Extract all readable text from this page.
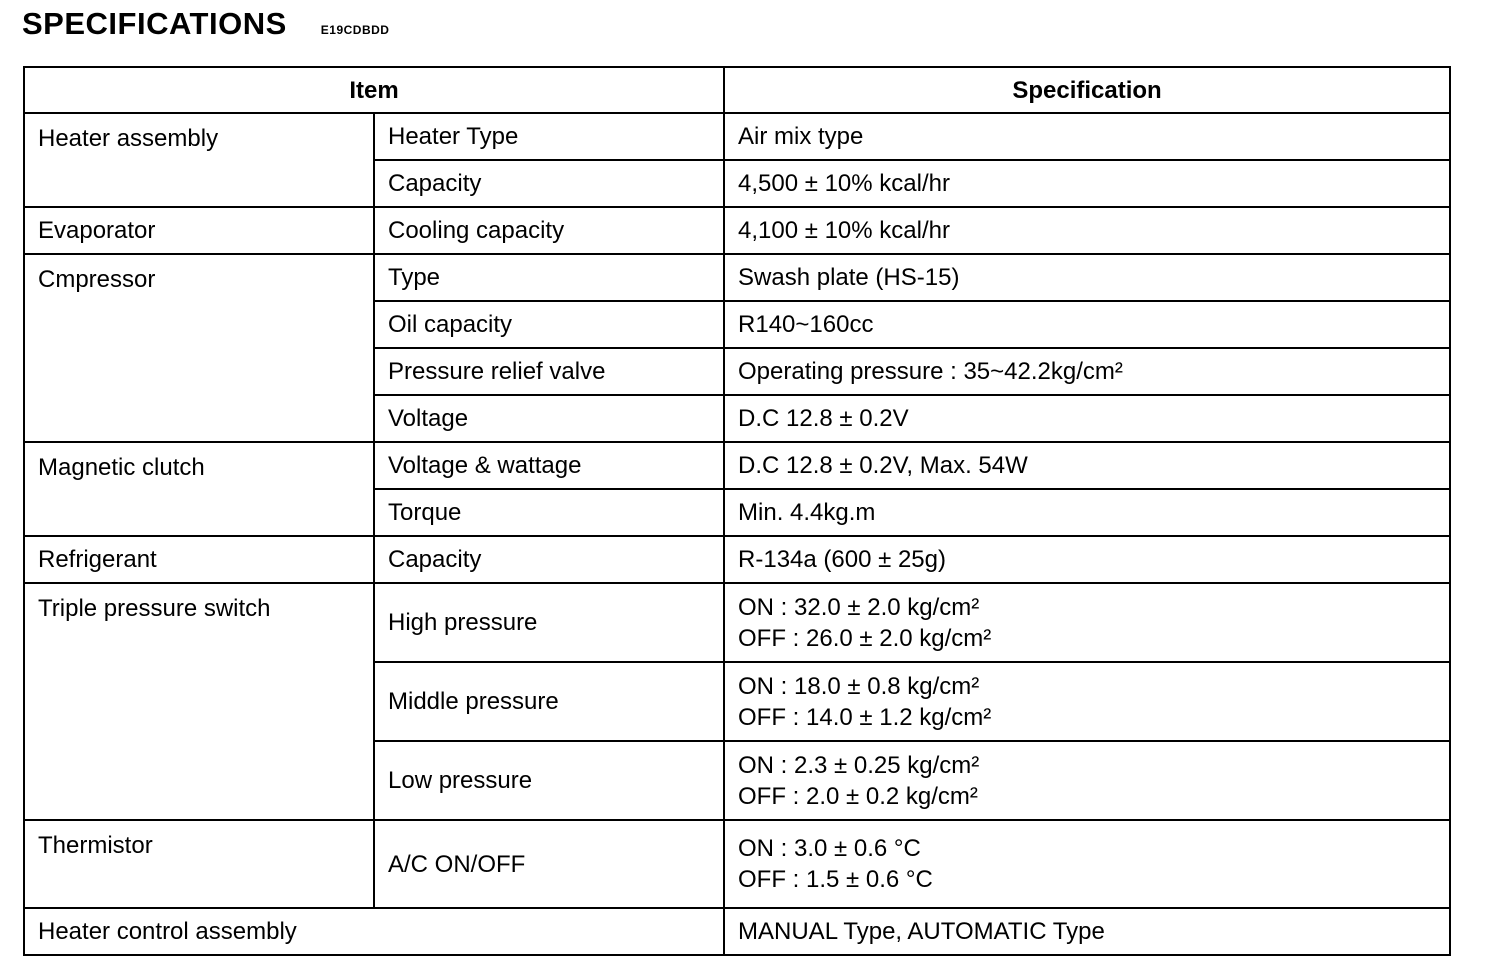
SPECIFICATIONS	E19CDBDD
Item		Specification
Heater assembly	Heater Type	Air mix type
	Capacity	4,500 ± 10% kcal/hr
Evaporator	Cooling capacity	4,100 ± 10% kcal/hr
Cmpressor	Type	Swash plate (HS-15)
	Oil capacity	R140~160cc
	Pressure relief valve	Operating pressure : 35~42.2kg/cm²
	Voltage	D.C 12.8 ± 0.2V
Magnetic clutch	Voltage & wattage	D.C 12.8 ± 0.2V, Max. 54W
	Torque	Min. 4.4kg.m
Refrigerant	Capacity	R-134a (600 ± 25g)
Triple pressure switch	High pressure	ON : 32.0 ± 2.0 kg/cm²
OFF : 26.0 ± 2.0 kg/cm²

	Middle pressure	ON : 18.0 ± 0.8 kg/cm²
OFF : 14.0 ± 1.2 kg/cm²

	Low pressure	ON : 2.3 ± 0.25 kg/cm²
OFF : 2.0 ± 0.2 kg/cm²

Thermistor	A/C ON/OFF	ON : 3.0 ± 0.6 °C
OFF : 1.5 ± 0.6 °C

Heater control assembly		MANUAL Type, AUTOMATIC Type
